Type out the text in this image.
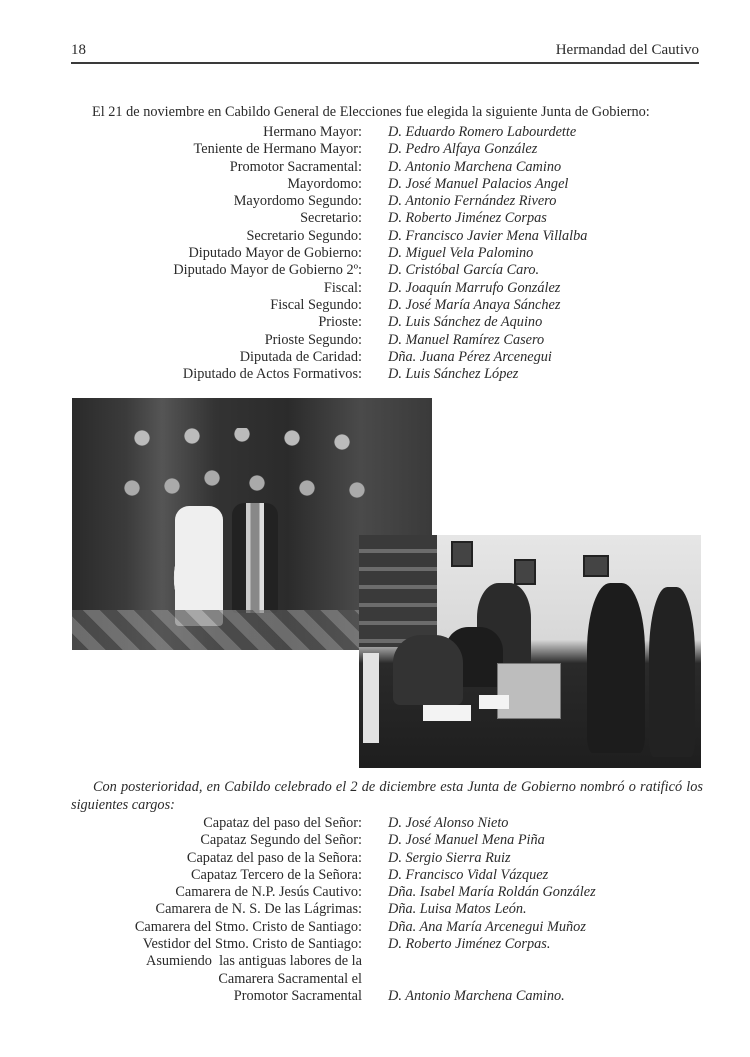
18	Hermandad del Cautivo
El 21 de noviembre en Cabildo General de Elecciones fue elegida la siguiente Junta de Gobierno:
Hermano Mayor:	D. Eduardo Romero Labourdette
Teniente de Hermano Mayor:	D. Pedro Alfaya González
Promotor Sacramental:	D. Antonio Marchena Camino
Mayordomo:	D. José Manuel Palacios Angel
Mayordomo Segundo:	D. Antonio Fernández Rivero
Secretario:	D. Roberto Jiménez Corpas
Secretario Segundo:	D. Francisco Javier Mena Villalba
Diputado Mayor de Gobierno:	D. Miguel Vela Palomino
Diputado Mayor de Gobierno 2º:	D. Cristóbal García Caro.
Fiscal:	D. Joaquín Marrufo González
Fiscal Segundo:	D. José María Anaya Sánchez
Prioste:	D. Luis Sánchez de Aquino
Prioste Segundo:	D. Manuel Ramírez Casero
Diputada de Caridad:	Dña. Juana Pérez Arcenegui
Diputado de Actos Formativos:	D. Luis Sánchez López
Con posterioridad, en Cabildo celebrado el 2 de diciembre esta Junta de Gobierno nombró o ratificó los siguientes cargos:
Capataz del paso del Señor:	D. José Alonso Nieto
Capataz Segundo del Señor:	D. José Manuel Mena Piña
Capataz del paso de la Señora:	D. Sergio Sierra Ruiz
Capataz Tercero de la Señora:	D. Francisco Vidal Vázquez
Camarera de N.P. Jesús Cautivo:	Dña. Isabel María Roldán González
Camarera de N. S. De las Lágrimas:	Dña. Luisa Matos León.
Camarera del Stmo. Cristo de Santiago:	Dña. Ana María Arcenegui Muñoz
Vestidor del Stmo. Cristo de Santiago:	D. Roberto Jiménez Corpas.
Asumiendo  las antiguas labores de la
Camarera Sacramental el
Promotor Sacramental	D. Antonio Marchena Camino.
